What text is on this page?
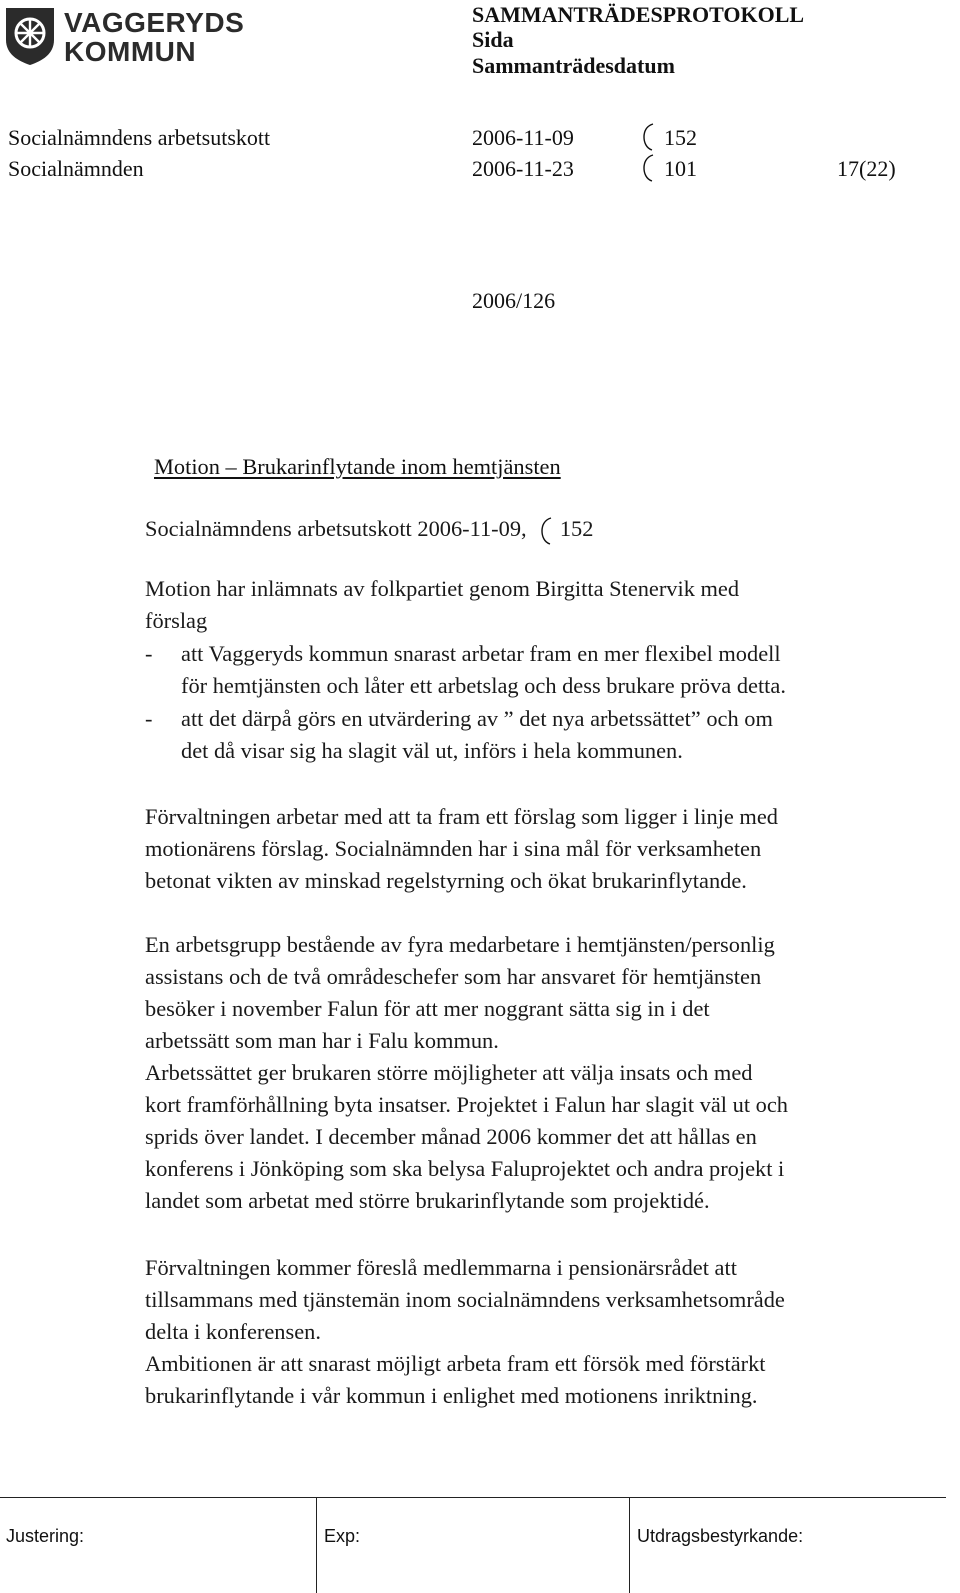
VAGGERYDS
KOMMUN
SAMMANTRÄDESPROTOKOLL
Sida
Sammanträdesdatum
Socialnämndens arbetsutskott	2006-11-09	152
Socialnämnden	2006-11-23	101	17(22)
2006/126
Motion – Brukarinflytande inom hemtjänsten
Socialnämndens arbetsutskott 2006-11-09, 152
Motion har inlämnats av folkpartiet genom Birgitta Stenervik med
förslag
- att Vaggeryds kommun snarast arbetar fram en mer flexibel modell
för hemtjänsten och låter ett arbetslag och dess brukare pröva detta.
- att det därpå görs en utvärdering av ” det nya arbetssättet” och om
det då visar sig ha slagit väl ut, införs i hela kommunen.
Förvaltningen arbetar med att ta fram ett förslag som ligger i linje med
motionärens förslag. Socialnämnden har i sina mål för verksamheten
betonat vikten av minskad regelstyrning och ökat brukarinflytande.
En arbetsgrupp bestående av fyra medarbetare i hemtjänsten/personlig
assistans och de två områdeschefer som har ansvaret för hemtjänsten
besöker i november Falun för att mer noggrant sätta sig in i det
arbetssätt som man har i Falu kommun.
Arbetssättet ger brukaren större möjligheter att välja insats och med
kort framförhållning byta insatser. Projektet i Falun har slagit väl ut och
sprids över landet. I december månad 2006 kommer det att hållas en
konferens i Jönköping som ska belysa Faluprojektet och andra projekt i
landet som arbetat med större brukarinflytande som projektidé.
Förvaltningen kommer föreslå medlemmarna i pensionärsrådet att
tillsammans med tjänstemän inom socialnämndens verksamhetsområde
delta i konferensen.
Ambitionen är att snarast möjligt arbeta fram ett försök med förstärkt
brukarinflytande i vår kommun i enlighet med motionens inriktning.
Justering:	Exp:	Utdragsbestyrkande:
